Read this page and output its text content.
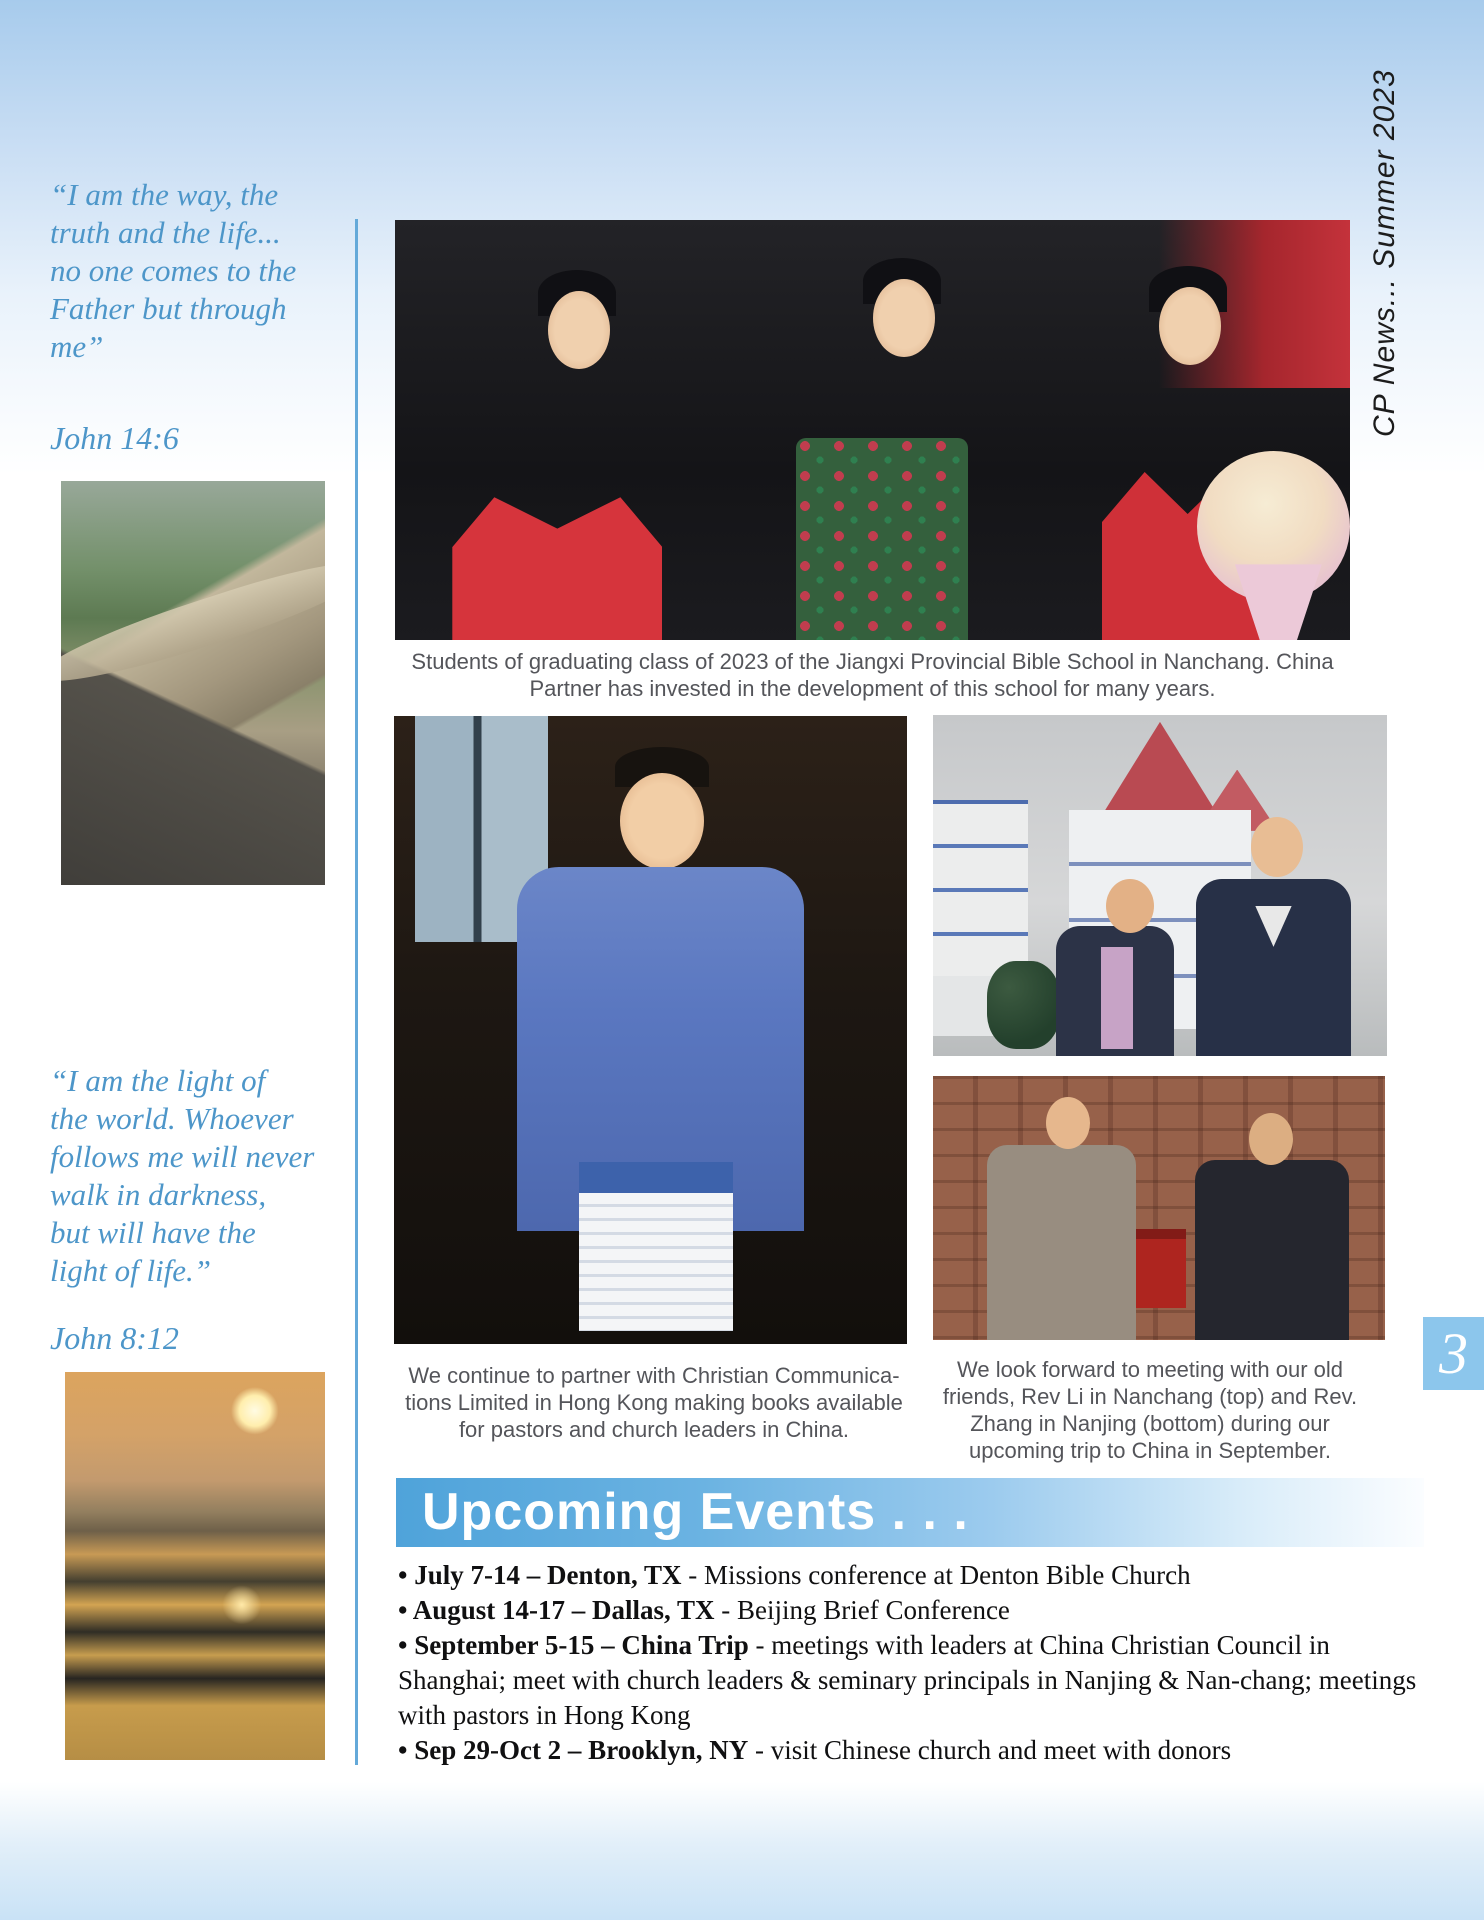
“I am the way, the
truth and the life...
no one comes to the
Father but through
me”
John 14:6
“I am the light of
the world. Whoever
follows me will never
walk in darkness,
but will have the
light of life.”
John 8:12
Students of graduating class of 2023 of the Jiangxi Provincial Bible School in Nanchang. China
Partner has invested in the development of this school for many years.
We continue to partner with Christian Communica-
tions Limited in Hong Kong making books available
for pastors and church leaders in China.
We look forward to meeting with our old
friends, Rev Li in Nanchang (top) and Rev.
Zhang in Nanjing (bottom) during our
upcoming trip to China in September.
3
CP News... Summer 2023
Upcoming Events . . .
• July 7-14 – Denton, TX - Missions conference at Denton Bible Church
• August 14-17 – Dallas, TX - Beijing Brief Conference
• September 5-15 – China Trip - meetings with leaders at China Christian Council in Shanghai; meet with church leaders & seminary principals in Nanjing & Nan-chang; meetings with pastors in Hong Kong
• Sep 29-Oct 2 – Brooklyn, NY - visit Chinese church and meet with donors
